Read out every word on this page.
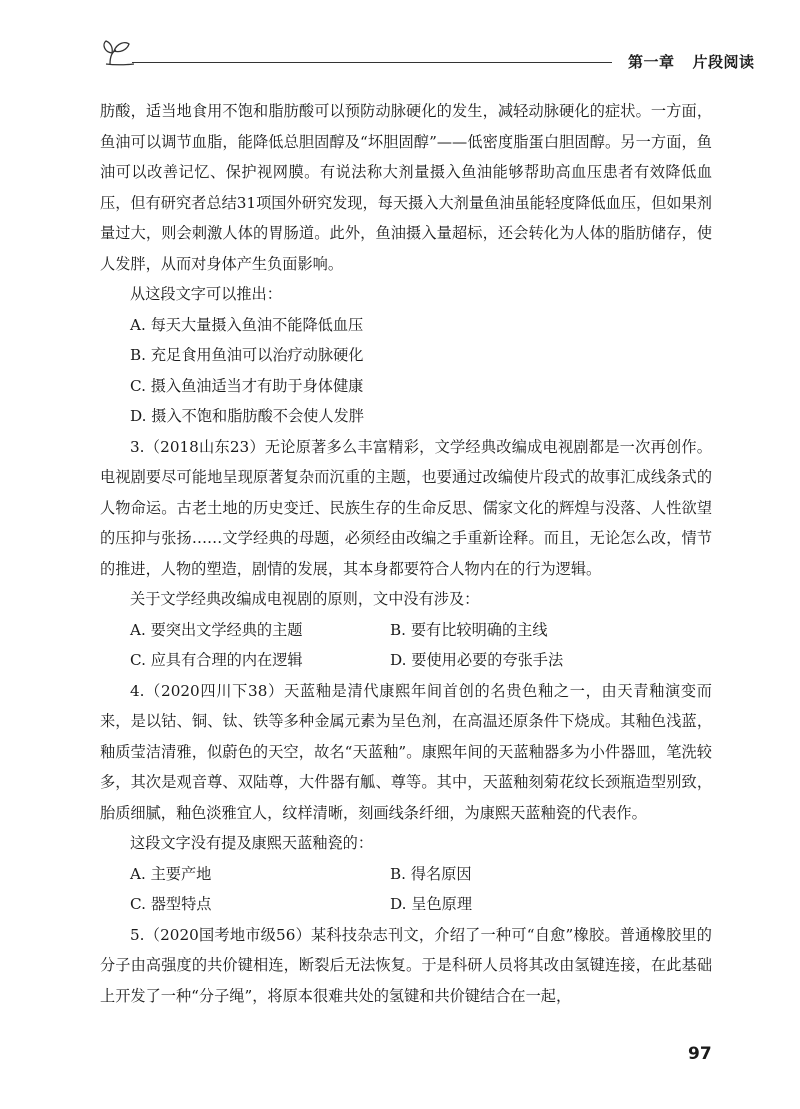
第一章 片段阅读

肪酸，适当地食用不饱和脂肪酸可以预防动脉硬化的发生，减轻动脉硬化的症状。一方面，鱼油可以调节血脂，能降低总胆固醇及“坏胆固醇”——低密度脂蛋白胆固醇。另一方面，鱼油可以改善记忆、保护视网膜。有说法称大剂量摄入鱼油能够帮助高血压患者有效降低血压，但有研究者总结31项国外研究发现，每天摄入大剂量鱼油虽能轻度降低血压，但如果剂量过大，则会刺激人体的胃肠道。此外，鱼油摄入量超标，还会转化为人体的脂肪储存，使人发胖，从而对身体产生负面影响。

从这段文字可以推出：

A. 每天大量摄入鱼油不能降低血压

B. 充足食用鱼油可以治疗动脉硬化

C. 摄入鱼油适当才有助于身体健康

D. 摄入不饱和脂肪酸不会使人发胖

3.（2018山东23）无论原著多么丰富精彩，文学经典改编成电视剧都是一次再创作。电视剧要尽可能地呈现原著复杂而沉重的主题，也要通过改编使片段式的故事汇成线条式的人物命运。古老土地的历史变迁、民族生存的生命反思、儒家文化的辉煌与没落、人性欲望的压抑与张扬……文学经典的母题，必须经由改编之手重新诠释。而且，无论怎么改，情节的推进，人物的塑造，剧情的发展，其本身都要符合人物内在的行为逻辑。

关于文学经典改编成电视剧的原则，文中没有涉及：

A. 要突出文学经典的主题	B. 要有比较明确的主线
C. 应具有合理的内在逻辑	D. 要使用必要的夸张手法

4.（2020四川下38）天蓝釉是清代康熙年间首创的名贵色釉之一，由天青釉演变而来，是以钴、铜、钛、铁等多种金属元素为呈色剂，在高温还原条件下烧成。其釉色浅蓝，釉质莹洁清雅，似蔚色的天空，故名“天蓝釉”。康熙年间的天蓝釉器多为小件器皿，笔洗较多，其次是观音尊、双陆尊，大件器有觚、尊等。其中，天蓝釉刻菊花纹长颈瓶造型别致，胎质细腻，釉色淡雅宜人，纹样清晰，刻画线条纤细，为康熙天蓝釉瓷的代表作。

这段文字没有提及康熙天蓝釉瓷的：

A. 主要产地	B. 得名原因
C. 器型特点	D. 呈色原理

5.（2020国考地市级56）某科技杂志刊文，介绍了一种可“自愈”橡胶。普通橡胶里的分子由高强度的共价键相连，断裂后无法恢复。于是科研人员将其改由氢键连接，在此基础上开发了一种“分子绳”，将原本很难共处的氢键和共价键结合在一起，

97
